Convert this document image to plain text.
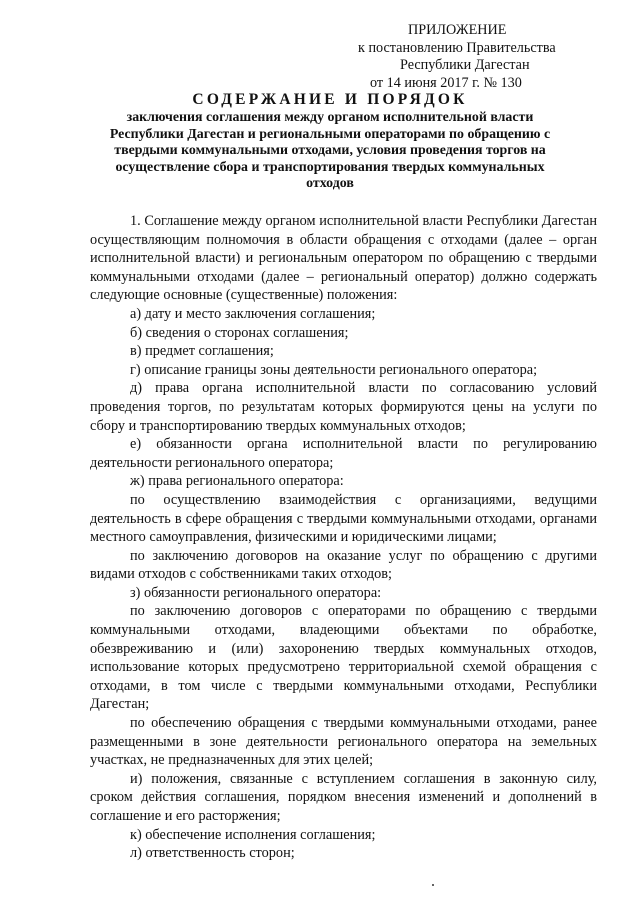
ПРИЛОЖЕНИЕ
к постановлению Правительства
Республики Дагестан
от 14 июня 2017 г. № 130
СОДЕРЖАНИЕ И ПОРЯДОК
заключения соглашения между органом исполнительной власти Республики Дагестан и региональными операторами по обращению с твердыми коммунальными отходами, условия проведения торгов на осуществление сбора и транспортирования твердых коммунальных отходов

1. Соглашение между органом исполнительной власти Республики Дагестан осуществляющим полномочия в области обращения с отходами (далее – орган исполнительной власти) и региональным оператором по обращению с твердыми коммунальными отходами (далее – региональный оператор) должно содержать следующие основные (существенные) положения:

а) дату и место заключения соглашения;

б) сведения о сторонах соглашения;

в) предмет соглашения;

г) описание границы зоны деятельности регионального оператора;

д) права органа исполнительной власти по согласованию условий проведения торгов, по результатам которых формируются цены на услуги по сбору и транспортированию твердых коммунальных отходов;

е) обязанности органа исполнительной власти по регулированию деятельности регионального оператора;

ж) права регионального оператора:

по осуществлению взаимодействия с организациями, ведущими деятельность в сфере обращения с твердыми коммунальными отходами, органами местного самоуправления, физическими и юридическими лицами;

по заключению договоров на оказание услуг по обращению с другими видами отходов с собственниками таких отходов;

з) обязанности регионального оператора:

по заключению договоров с операторами по обращению с твердыми коммунальными отходами, владеющими объектами по обработке, обезвреживанию и (или) захоронению твердых коммунальных отходов, использование которых предусмотрено территориальной схемой обращения с отходами, в том числе с твердыми коммунальными отходами, Республики Дагестан;

по обеспечению обращения с твердыми коммунальными отходами, ранее размещенными в зоне деятельности регионального оператора на земельных участках, не предназначенных для этих целей;

и) положения, связанные с вступлением соглашения в законную силу, сроком действия соглашения, порядком внесения изменений и дополнений в соглашение и его расторжения;

к) обеспечение исполнения соглашения;

л) ответственность сторон;
